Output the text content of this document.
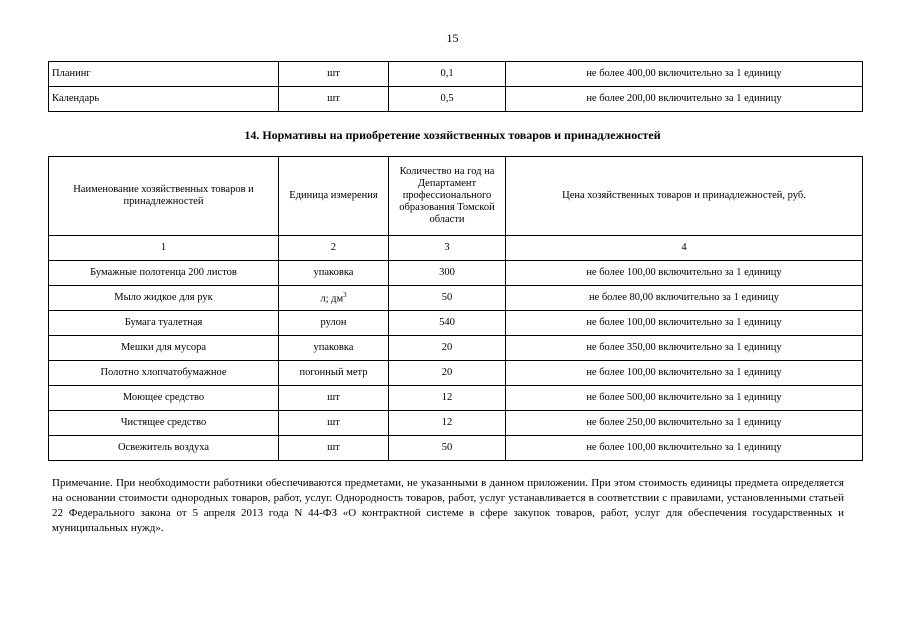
15
Планинг	шт	0,1	не более 400,00 включительно за 1 единицу
Календарь	шт	0,5	не более 200,00 включительно за 1 единицу
14. Нормативы на приобретение хозяйственных товаров и принадлежностей
Наименование хозяйственных товаров и принадлежностей	Единица измерения	Количество на год на Департамент профессионального образования Томской области	Цена хозяйственных товаров и принадлежностей, руб.
1	2	3	4
Бумажные полотенца 200 листов	упаковка	300	не более 100,00 включительно за 1 единицу
Мыло жидкое для рук	л; $дм^3$	50	не более 80,00 включительно за 1 единицу
Бумага туалетная	рулон	540	не более 100,00 включительно за 1 единицу
Мешки для мусора	упаковка	20	не более 350,00 включительно за 1 единицу
Полотно хлопчатобумажное	погонный метр	20	не более 100,00 включительно за 1 единицу
Моющее средство	шт	12	не более 500,00 включительно за 1 единицу
Чистящее средство	шт	12	не более 250,00 включительно за 1 единицу
Освежитель воздуха	шт	50	не более 100,00 включительно за 1 единицу
Примечание. При необходимости работники обеспечиваются предметами, не указанными в данном приложении. При этом стоимость единицы предмета определяется на основании стоимости однородных товаров, работ, услуг. Однородность товаров, работ, услуг устанавливается в соответствии с правилами, установленными статьей 22 Федерального закона от 5 апреля 2013 года N 44-ФЗ «О контрактной системе в сфере закупок товаров, работ, услуг для обеспечения государственных и муниципальных нужд».
